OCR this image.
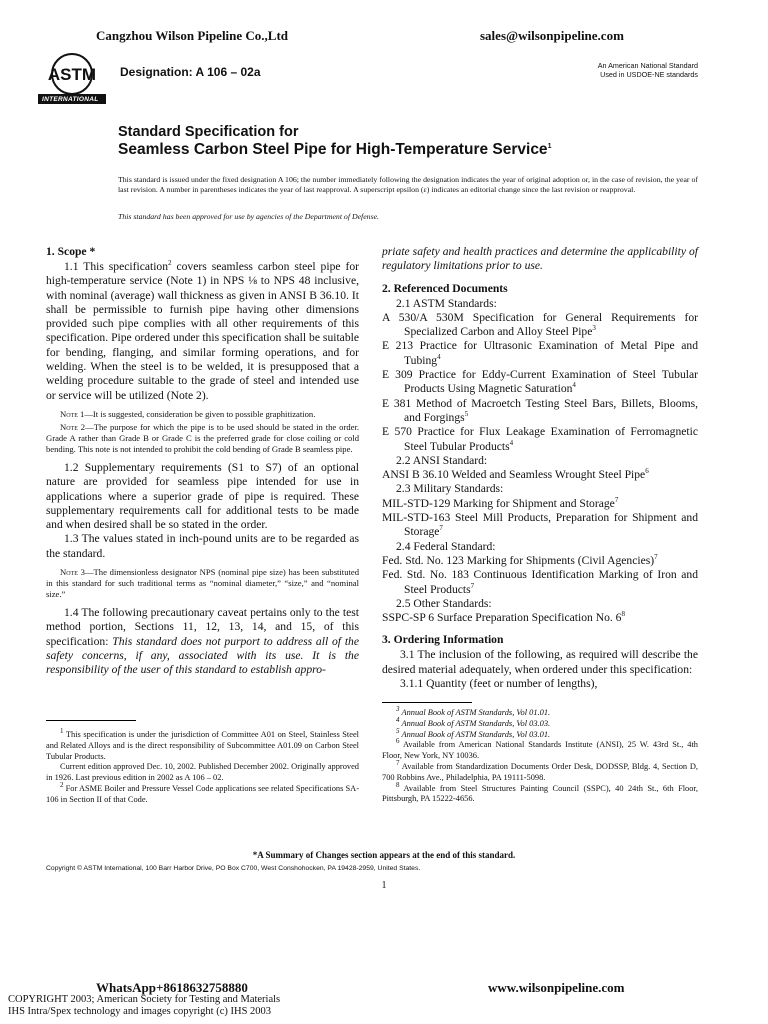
Cangzhou Wilson Pipeline Co.,Ltd	sales@wilsonpipeline.com
ASTM
INTERNATIONAL
Designation: A 106 – 02a	An American National Standard
Used in USDOE-NE standards
Standard Specification for
Seamless Carbon Steel Pipe for High-Temperature Service$^1$

This standard is issued under the fixed designation A 106; the number immediately following the designation indicates the year of original adoption or, in the case of revision, the year of last revision. A number in parentheses indicates the year of last reapproval. A superscript epsilon (ε) indicates an editorial change since the last revision or reapproval.

This standard has been approved for use by agencies of the Department of Defense.

1. Scope *

1.1 This specification$^2$ covers seamless carbon steel pipe for high-temperature service (Note 1) in NPS ⅛ to NPS 48 inclusive, with nominal (average) wall thickness as given in ANSI B 36.10. It shall be permissible to furnish pipe having other dimensions provided such pipe complies with all other requirements of this specification. Pipe ordered under this specification shall be suitable for bending, flanging, and similar forming operations, and for welding. When the steel is to be welded, it is presupposed that a welding procedure suitable to the grade of steel and intended use or service will be utilized (Note 2).

Note 1—It is suggested, consideration be given to possible graphitization.

Note 2—The purpose for which the pipe is to be used should be stated in the order. Grade A rather than Grade B or Grade C is the preferred grade for close coiling or cold bending. This note is not intended to prohibit the cold bending of Grade B seamless pipe.

1.2 Supplementary requirements (S1 to S7) of an optional nature are provided for seamless pipe intended for use in applications where a superior grade of pipe is required. These supplementary requirements call for additional tests to be made and when desired shall be so stated in the order.

1.3 The values stated in inch-pound units are to be regarded as the standard.

Note 3—The dimensionless designator NPS (nominal pipe size) has been substituted in this standard for such traditional terms as “nominal diameter,” “size,” and “nominal size.”

1.4 The following precautionary caveat pertains only to the test method portion, Sections 11, 12, 13, 14, and 15, of this specification: This standard does not purport to address all of the safety concerns, if any, associated with its use. It is the responsibility of the user of this standard to establish appro-

$^1$ This specification is under the jurisdiction of Committee A01 on Steel, Stainless Steel and Related Alloys and is the direct responsibility of Subcommittee A01.09 on Carbon Steel Tubular Products.

Current edition approved Dec. 10, 2002. Published December 2002. Originally approved in 1926. Last previous edition in 2002 as A 106 – 02.

$^2$ For ASME Boiler and Pressure Vessel Code applications see related Specifications SA-106 in Section II of that Code.

priate safety and health practices and determine the applicability of regulatory limitations prior to use.

2. Referenced Documents

2.1 ASTM Standards:

A 530/A 530M Specification for General Requirements for Specialized Carbon and Alloy Steel Pipe$^3$

E 213 Practice for Ultrasonic Examination of Metal Pipe and Tubing$^4$

E 309 Practice for Eddy-Current Examination of Steel Tubular Products Using Magnetic Saturation$^4$

E 381 Method of Macroetch Testing Steel Bars, Billets, Blooms, and Forgings$^5$

E 570 Practice for Flux Leakage Examination of Ferromagnetic Steel Tubular Products$^4$

2.2 ANSI Standard:

ANSI B 36.10 Welded and Seamless Wrought Steel Pipe$^6$

2.3 Military Standards:

MIL-STD-129 Marking for Shipment and Storage$^7$

MIL-STD-163 Steel Mill Products, Preparation for Shipment and Storage$^7$

2.4 Federal Standard:

Fed. Std. No. 123 Marking for Shipments (Civil Agencies)$^7$

Fed. Std. No. 183 Continuous Identification Marking of Iron and Steel Products$^7$

2.5 Other Standards:

SSPC-SP 6 Surface Preparation Specification No. $6^8$

3. Ordering Information

3.1 The inclusion of the following, as required will describe the desired material adequately, when ordered under this specification:

3.1.1 Quantity (feet or number of lengths),

$^3$ Annual Book of ASTM Standards, Vol 01.01.

$^4$ Annual Book of ASTM Standards, Vol 03.03.

$^5$ Annual Book of ASTM Standards, Vol 03.01.

$^6$ Available from American National Standards Institute (ANSI), 25 W. 43rd St., 4th Floor, New York, NY 10036.

$^7$ Available from Standardization Documents Order Desk, DODSSP, Bldg. 4, Section D, 700 Robbins Ave., Philadelphia, PA 19111-5098.

$^8$ Available from Steel Structures Painting Council (SSPC), 40 24th St., 6th Floor, Pittsburgh, PA 15222-4656.

*A Summary of Changes section appears at the end of this standard.
Copyright © ASTM International, 100 Barr Harbor Drive, PO Box C700, West Conshohocken, PA 19428-2959, United States.
1
WhatsApp+8618632758880	www.wilsonpipeline.com
COPYRIGHT 2003; American Society for Testing and Materials
IHS Intra/Spex technology and images copyright (c) IHS 2003
